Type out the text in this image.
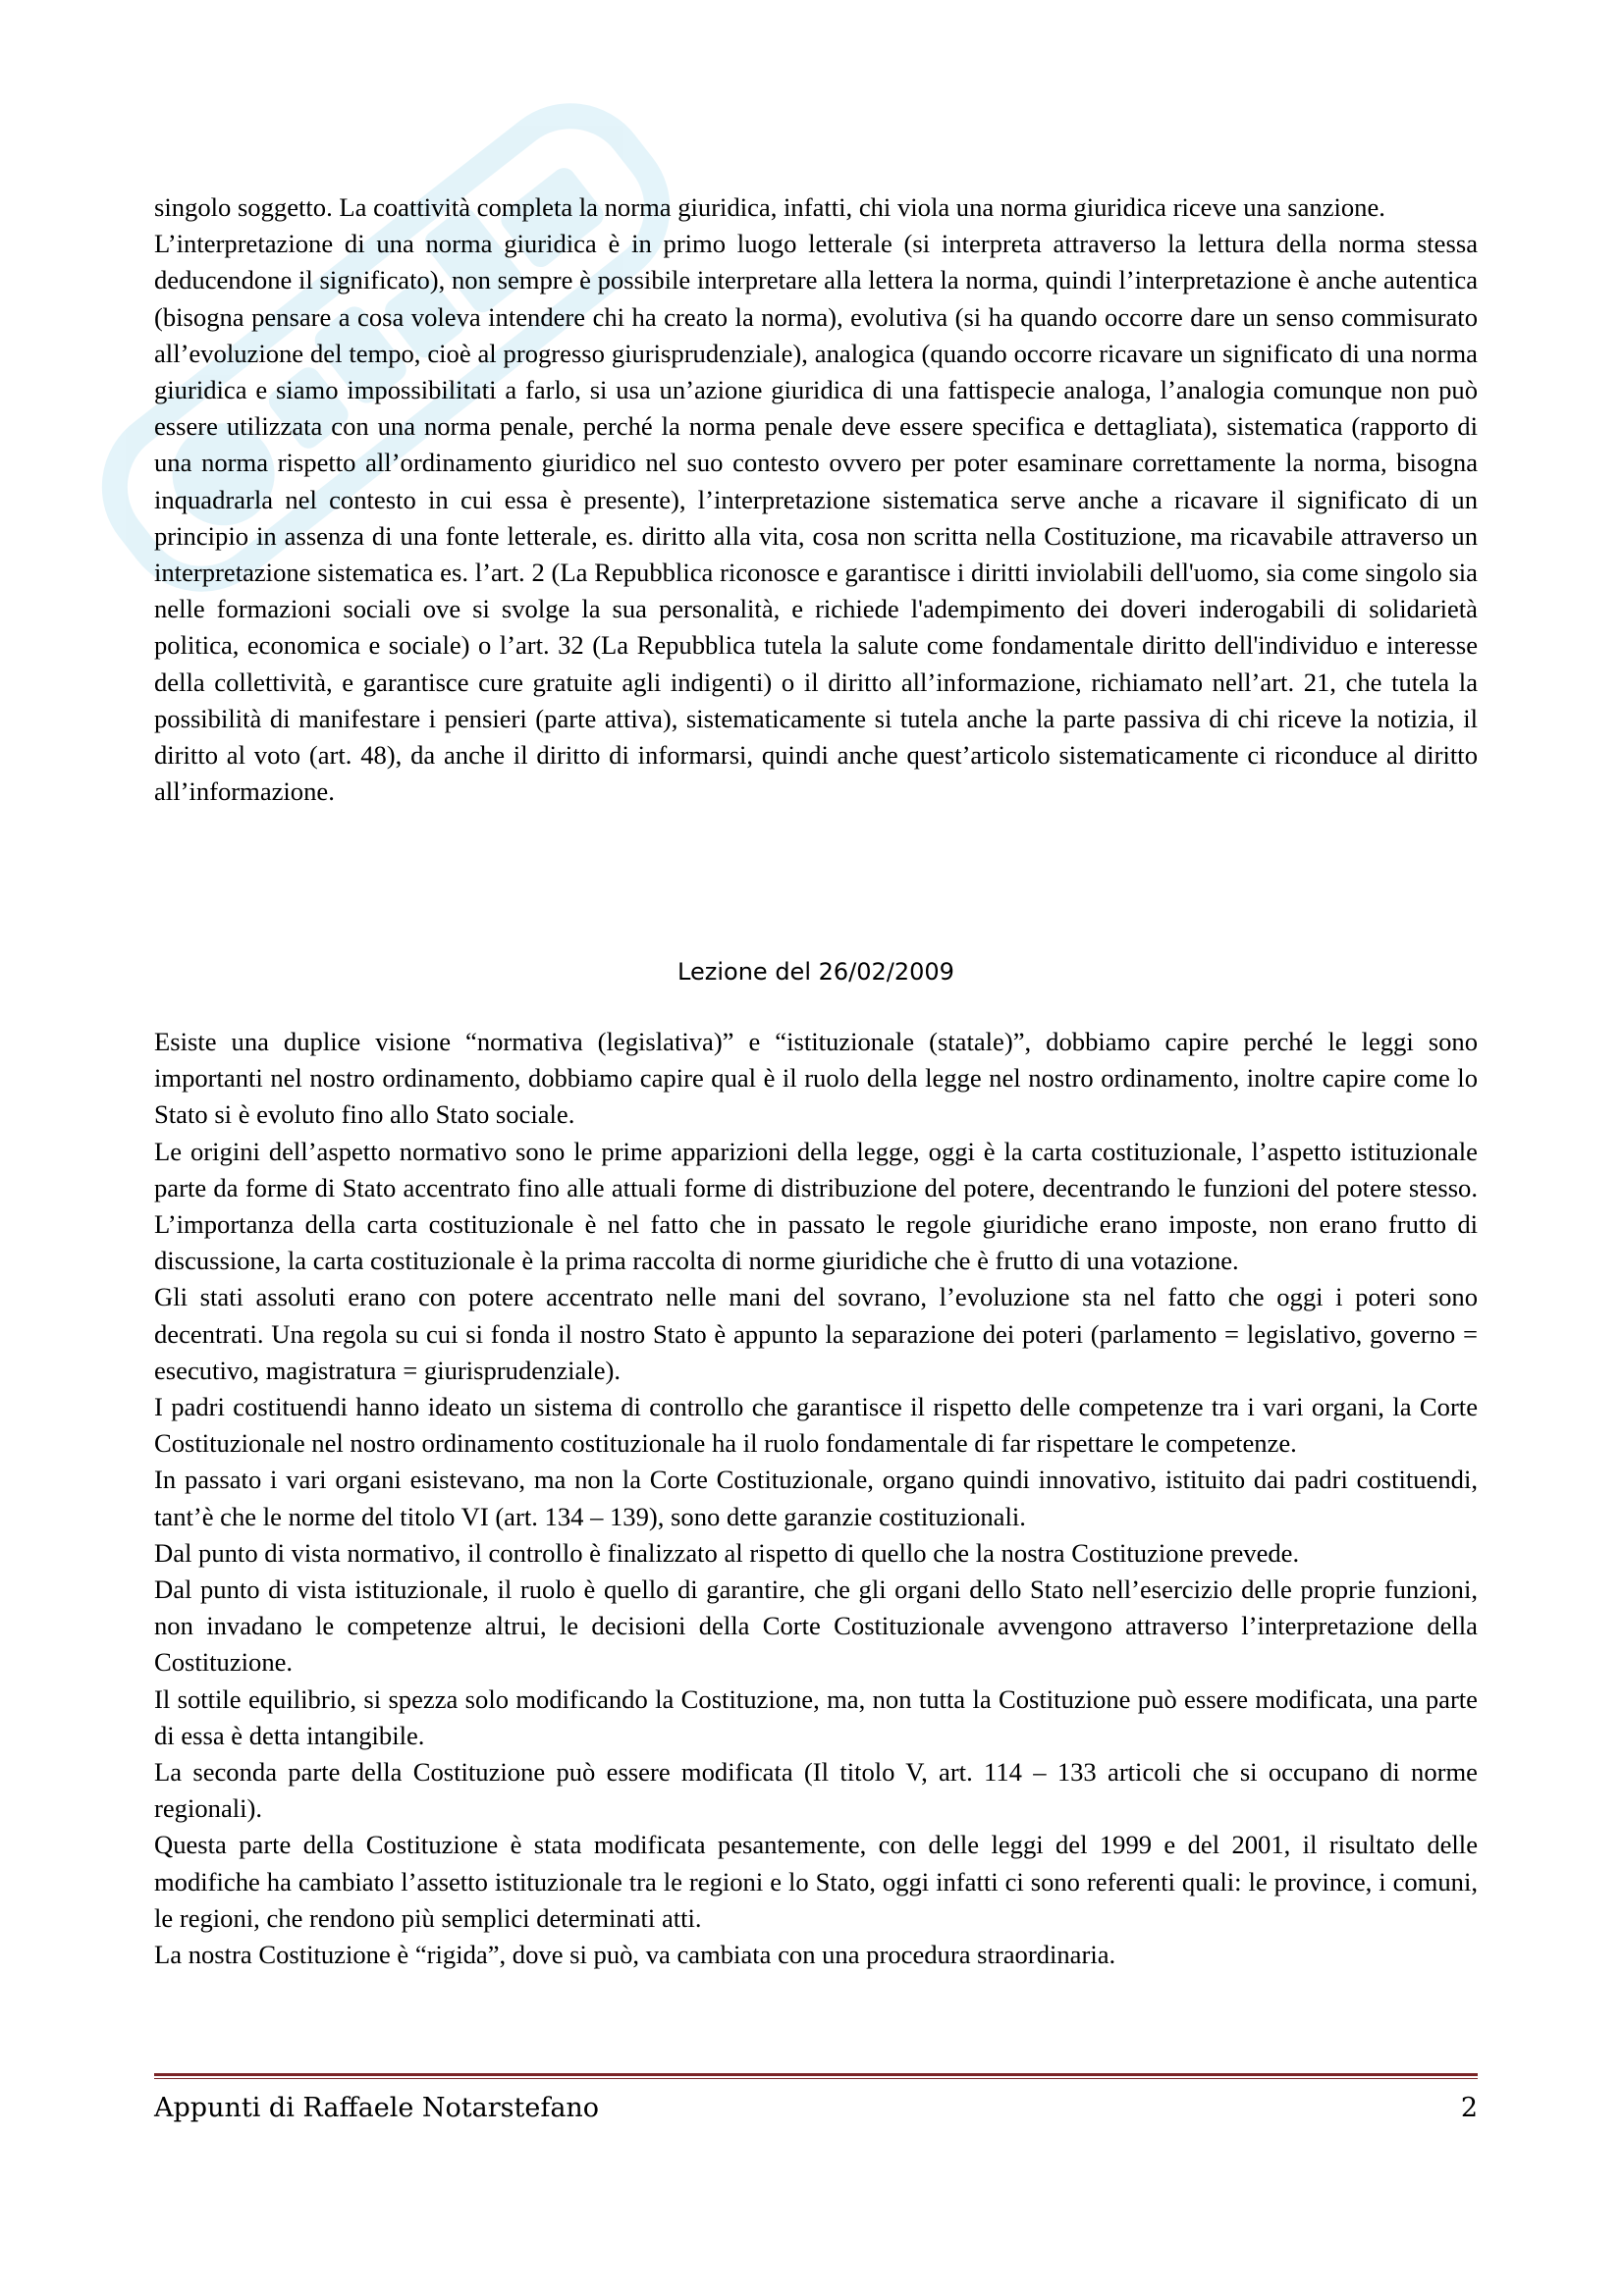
singolo soggetto. La coattività completa la norma giuridica, infatti, chi viola una norma giuridica riceve una sanzione.

L’interpretazione di una norma giuridica è in primo luogo letterale (si interpreta attraverso la lettura della norma stessa deducendone il significato), non sempre è possibile interpretare alla lettera la norma, quindi l’interpretazione è anche autentica (bisogna pensare a cosa voleva intendere chi ha creato la norma), evolutiva (si ha quando occorre dare un senso commisurato all’evoluzione del tempo, cioè al progresso giurisprudenziale), analogica (quando occorre ricavare un significato di una norma giuridica e siamo impossibilitati a farlo, si usa un’azione giuridica di una fattispecie analoga, l’analogia comunque non può essere utilizzata con una norma penale, perché la norma penale deve essere specifica e dettagliata), sistematica (rapporto di una norma rispetto all’ordinamento giuridico nel suo contesto ovvero per poter esaminare correttamente la norma, bisogna inquadrarla nel contesto in cui essa è presente), l’interpretazione sistematica serve anche a ricavare il significato di un principio in assenza di una fonte letterale, es. diritto alla vita, cosa non scritta nella Costituzione, ma ricavabile attraverso un interpretazione sistematica es. l’art. 2 (La Repubblica riconosce e garantisce i diritti inviolabili dell'uomo, sia come singolo sia nelle formazioni sociali ove si svolge la sua personalità, e richiede l'adempimento dei doveri inderogabili di solidarietà politica, economica e sociale) o l’art. 32 (La Repubblica tutela la salute come fondamentale diritto dell'individuo e interesse della collettività, e garantisce cure gratuite agli indigenti) o il diritto all’informazione, richiamato nell’art. 21, che tutela la possibilità di manifestare i pensieri (parte attiva), sistematicamente si tutela anche la parte passiva di chi riceve la notizia, il diritto al voto (art. 48), da anche il diritto di informarsi, quindi anche quest’articolo sistematicamente ci riconduce al diritto all’informazione.

Lezione del 26/02/2009

Esiste una duplice visione “normativa (legislativa)” e “istituzionale (statale)”, dobbiamo capire perché le leggi sono importanti nel nostro ordinamento, dobbiamo capire qual è il ruolo della legge nel nostro ordinamento, inoltre capire come lo Stato si è evoluto fino allo Stato sociale.

Le origini dell’aspetto normativo sono le prime apparizioni della legge, oggi è la carta costituzionale, l’aspetto istituzionale parte da forme di Stato accentrato fino alle attuali forme di distribuzione del potere, decentrando le funzioni del potere stesso. L’importanza della carta costituzionale è nel fatto che in passato le regole giuridiche erano imposte, non erano frutto di discussione, la carta costituzionale è la prima raccolta di norme giuridiche che è frutto di una votazione.

Gli stati assoluti erano con potere accentrato nelle mani del sovrano, l’evoluzione sta nel fatto che oggi i poteri sono decentrati. Una regola su cui si fonda il nostro Stato è appunto la separazione dei poteri (parlamento = legislativo, governo = esecutivo, magistratura = giurisprudenziale).

I padri costituendi hanno ideato un sistema di controllo che garantisce il rispetto delle competenze tra i vari organi, la Corte Costituzionale nel nostro ordinamento costituzionale ha il ruolo fondamentale di far rispettare le competenze.

In passato i vari organi esistevano, ma non la Corte Costituzionale, organo quindi innovativo, istituito dai padri costituendi, tant’è che le norme del titolo VI (art. 134 – 139), sono dette garanzie costituzionali.

Dal punto di vista normativo, il controllo è finalizzato al rispetto di quello che la nostra Costituzione prevede.

Dal punto di vista istituzionale, il ruolo è quello di garantire, che gli organi dello Stato nell’esercizio delle proprie funzioni, non invadano le competenze altrui, le decisioni della Corte Costituzionale avvengono attraverso l’interpretazione della Costituzione.

Il sottile equilibrio, si spezza solo modificando la Costituzione, ma, non tutta la Costituzione può essere modificata, una parte di essa è detta intangibile.

La seconda parte della Costituzione può essere modificata (Il titolo V, art. 114 – 133 articoli che si occupano di norme regionali).

Questa parte della Costituzione è stata modificata pesantemente, con delle leggi del 1999 e del 2001, il risultato delle modifiche ha cambiato l’assetto istituzionale tra le regioni e lo Stato, oggi infatti ci sono referenti quali: le province, i comuni, le regioni, che rendono più semplici determinati atti.

La nostra Costituzione è “rigida”, dove si può, va cambiata con una procedura straordinaria.

Appunti di Raffaele Notarstefano	2
